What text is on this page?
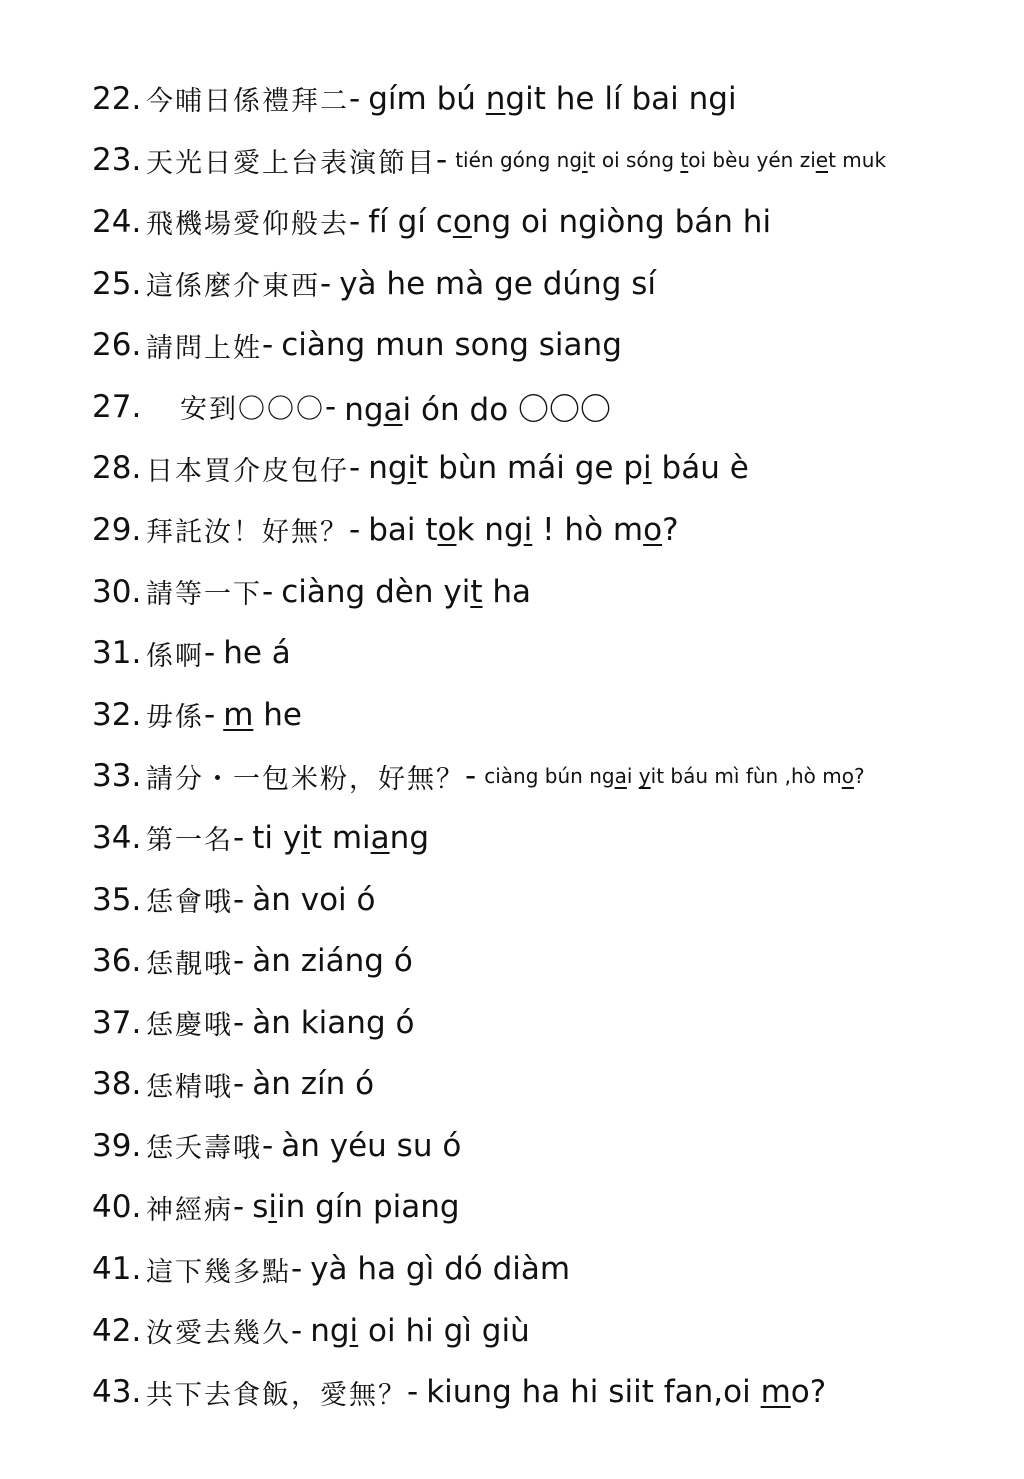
22. 今晡日係禮拜二 - gím bú ngit he lí bai ngi
23. 天光日愛上台表演節目 - tién góng ngit oi sóng toi bèu yén ziet muk
24. 飛機場愛仰般去 - fí gí cong oi ngiòng bán hi
25. 這係麼介東西 - yà he mà ge dúng sí
26. 請問上姓 - ciàng mun song siang
27.	安到〇〇〇 - ngai ón do 〇〇〇
28. 日本買介皮包仔 - ngit bùn mái ge pi báu è
29. 拜託汝！好無？ - bai tok ngi ! hò mo?
30. 請等一下 - ciàng dèn yit ha
31. 係啊 - he á
32. 毋係 - m he
33. 請分・一包米粉，好無？ - ciàng bún ngai yit báu mì fùn ,hò mo?
34. 第一名 - ti yit miang
35. 恁會哦 - àn voi ó
36. 恁靚哦 - àn ziáng ó
37. 恁慶哦 - àn kiang ó
38. 恁精哦 - àn zín ó
39. 恁夭壽哦 - àn yéu su ó
40. 神經病 - siin gín piang
41. 這下幾多點 - yà ha gì dó diàm
42. 汝愛去幾久 - ngi oi hi gì giù
43. 共下去食飯，愛無？ - kiung ha hi siit fan,oi mo?
